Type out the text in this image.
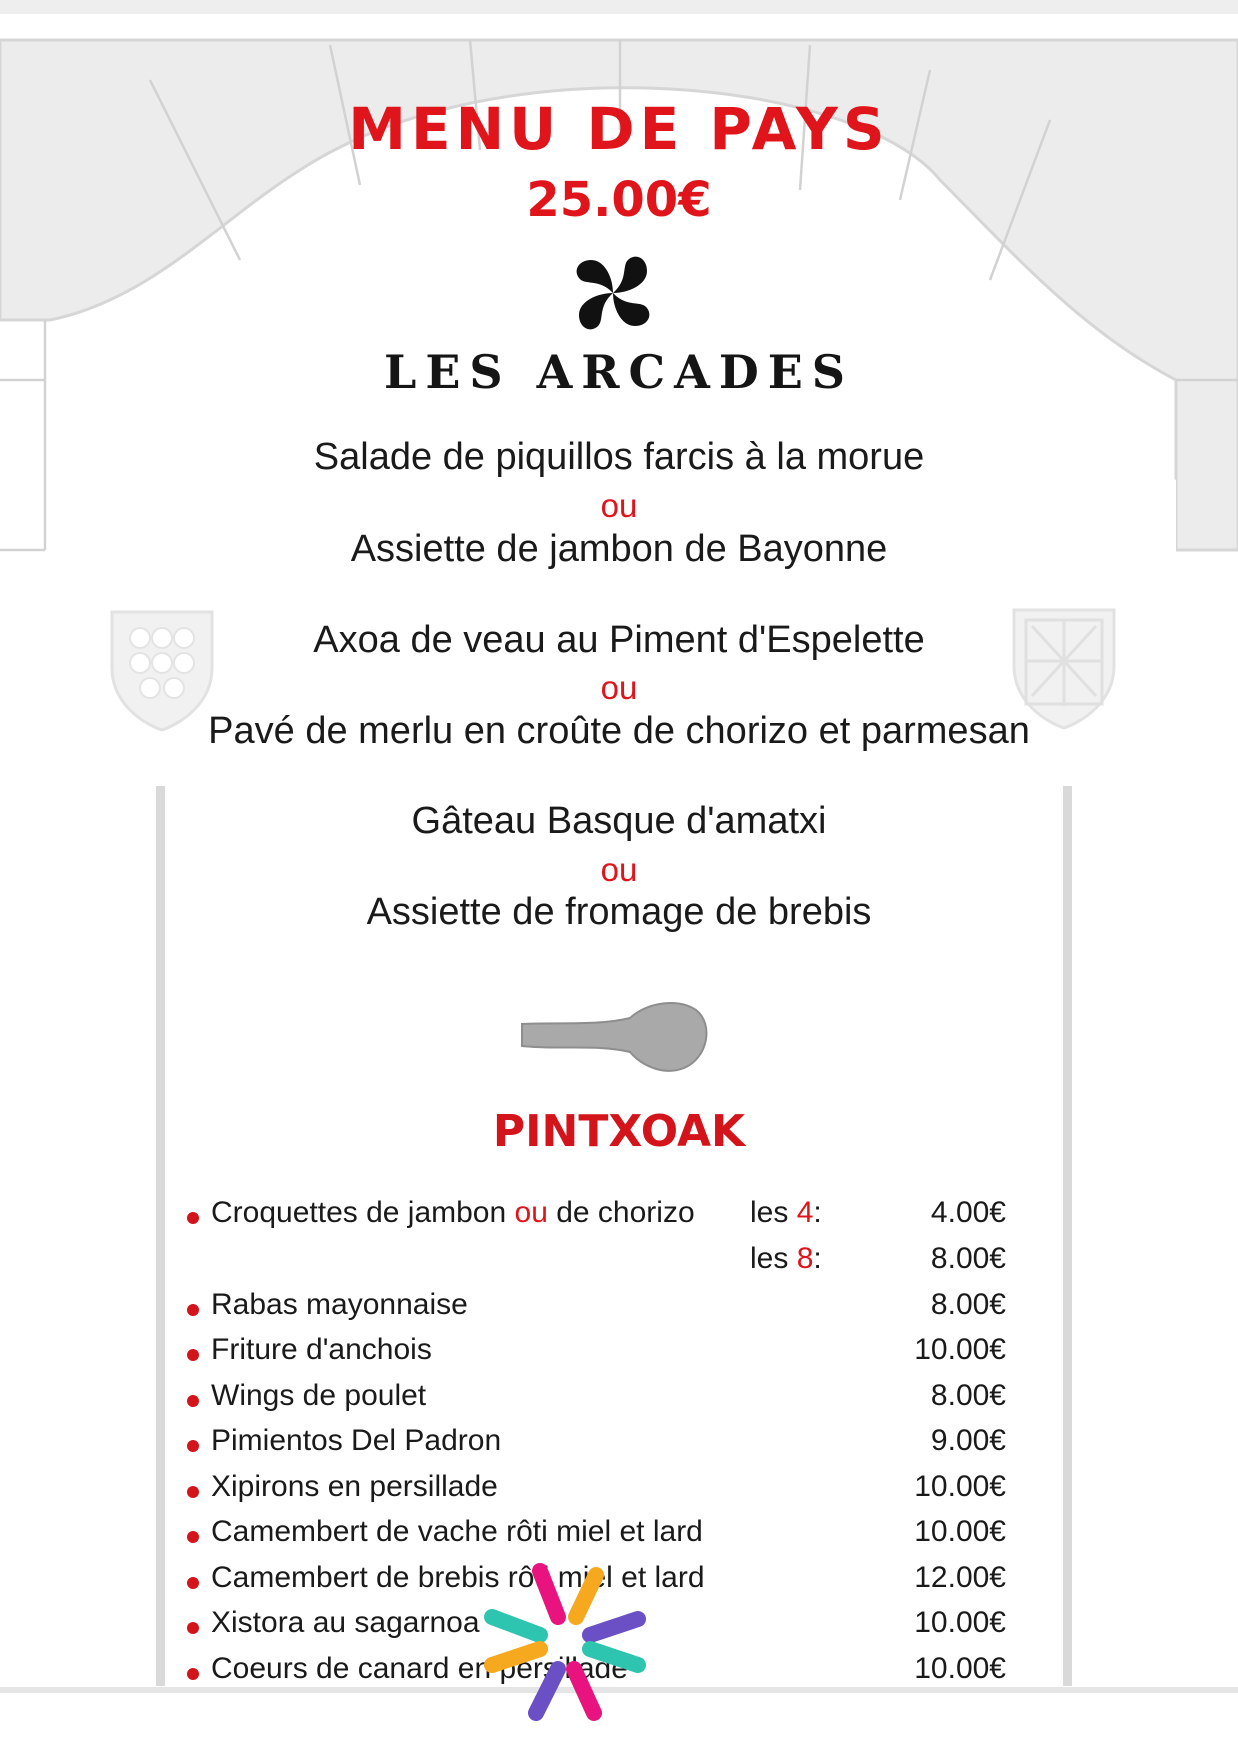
MENU DE PAYS
25.00€
LES ARCADES
Salade de piquillos farcis à la morue
ou
Assiette de jambon de Bayonne
Axoa de veau au Piment d'Espelette
ou
Pavé de merlu en croûte de chorizo et parmesan
Gâteau Basque d'amatxi
ou
Assiette de fromage de brebis
PINTXOAK
Croquettes de jambon ou de chorizo les 4:	4.00€
les 8:	8.00€
Rabas mayonnaise	8.00€
Friture d'anchois	10.00€
Wings de poulet	8.00€
Pimientos Del Padron	9.00€
Xipirons en persillade	10.00€
Camembert de vache rôti miel et lard	10.00€
Camembert de brebis rôti miel et lard	12.00€
Xistora au sagarnoa	10.00€
Coeurs de canard en persillade	10.00€
